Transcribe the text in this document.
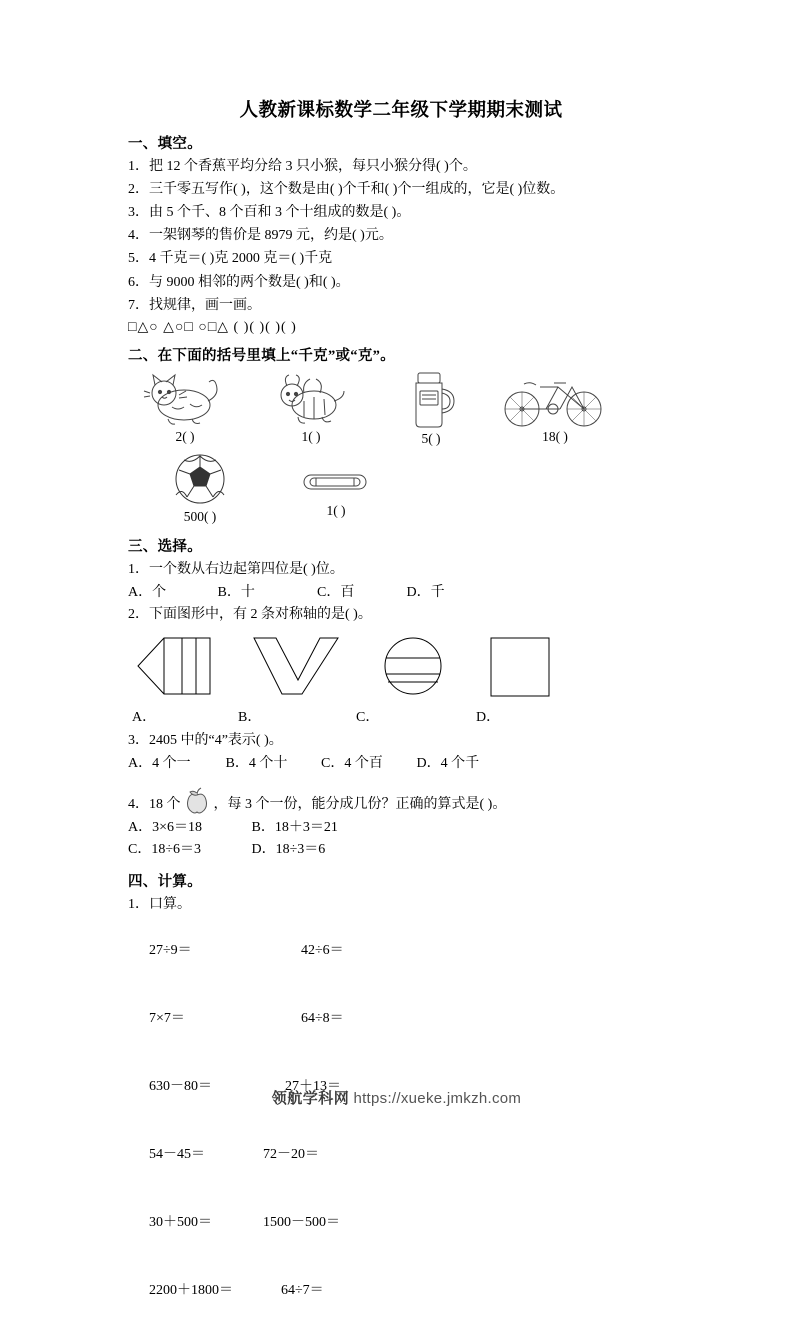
人教新课标数学二年级下学期期末测试
一、填空。
1．把 12 个香蕉平均分给 3 只小猴，每只小猴分得( )个。
2．三千零五写作( )，这个数是由( )个千和( )个一组成的，它是( )位数。
3．由 5 个千、8 个百和 3 个十组成的数是( )。
4．一架钢琴的售价是 8979 元，约是( )元。
5．4 千克＝( )克 2000 克＝( )千克
6．与 9000 相邻的两个数是( )和( )。
7．找规律，画一画。
□△○ △○□ ○□△ ( )( )( )( )
二、在下面的括号里填上“千克”或“克”。
2( )	1( )	5( )	18( )
500( )	1( )
三、选择。
1．一个数从右边起第四位是( )位。
A．个	B．十	C．百	D．千
2．下面图形中，有 2 条对称轴的是( )。
A．	B．	C．	D．
3．2405 中的“4”表示( )。
A．4 个一 B．4 个十 C．4 个百 D．4 个千
4．18 个 ，每 3 个一份，能分成几份？正确的算式是( )。
A．3×6＝18	B．18＋3＝21
C．18÷6＝3	D．18÷3＝6
四、计算。
1．口算。

27÷9＝	42÷6＝

7×7＝	64÷8＝

630－80＝	27＋13＝

54－45＝	72－20＝

30＋500＝	1500－500＝

2200＋1800＝	64÷7＝

领航学科网 https://xueke.jmkzh.com
